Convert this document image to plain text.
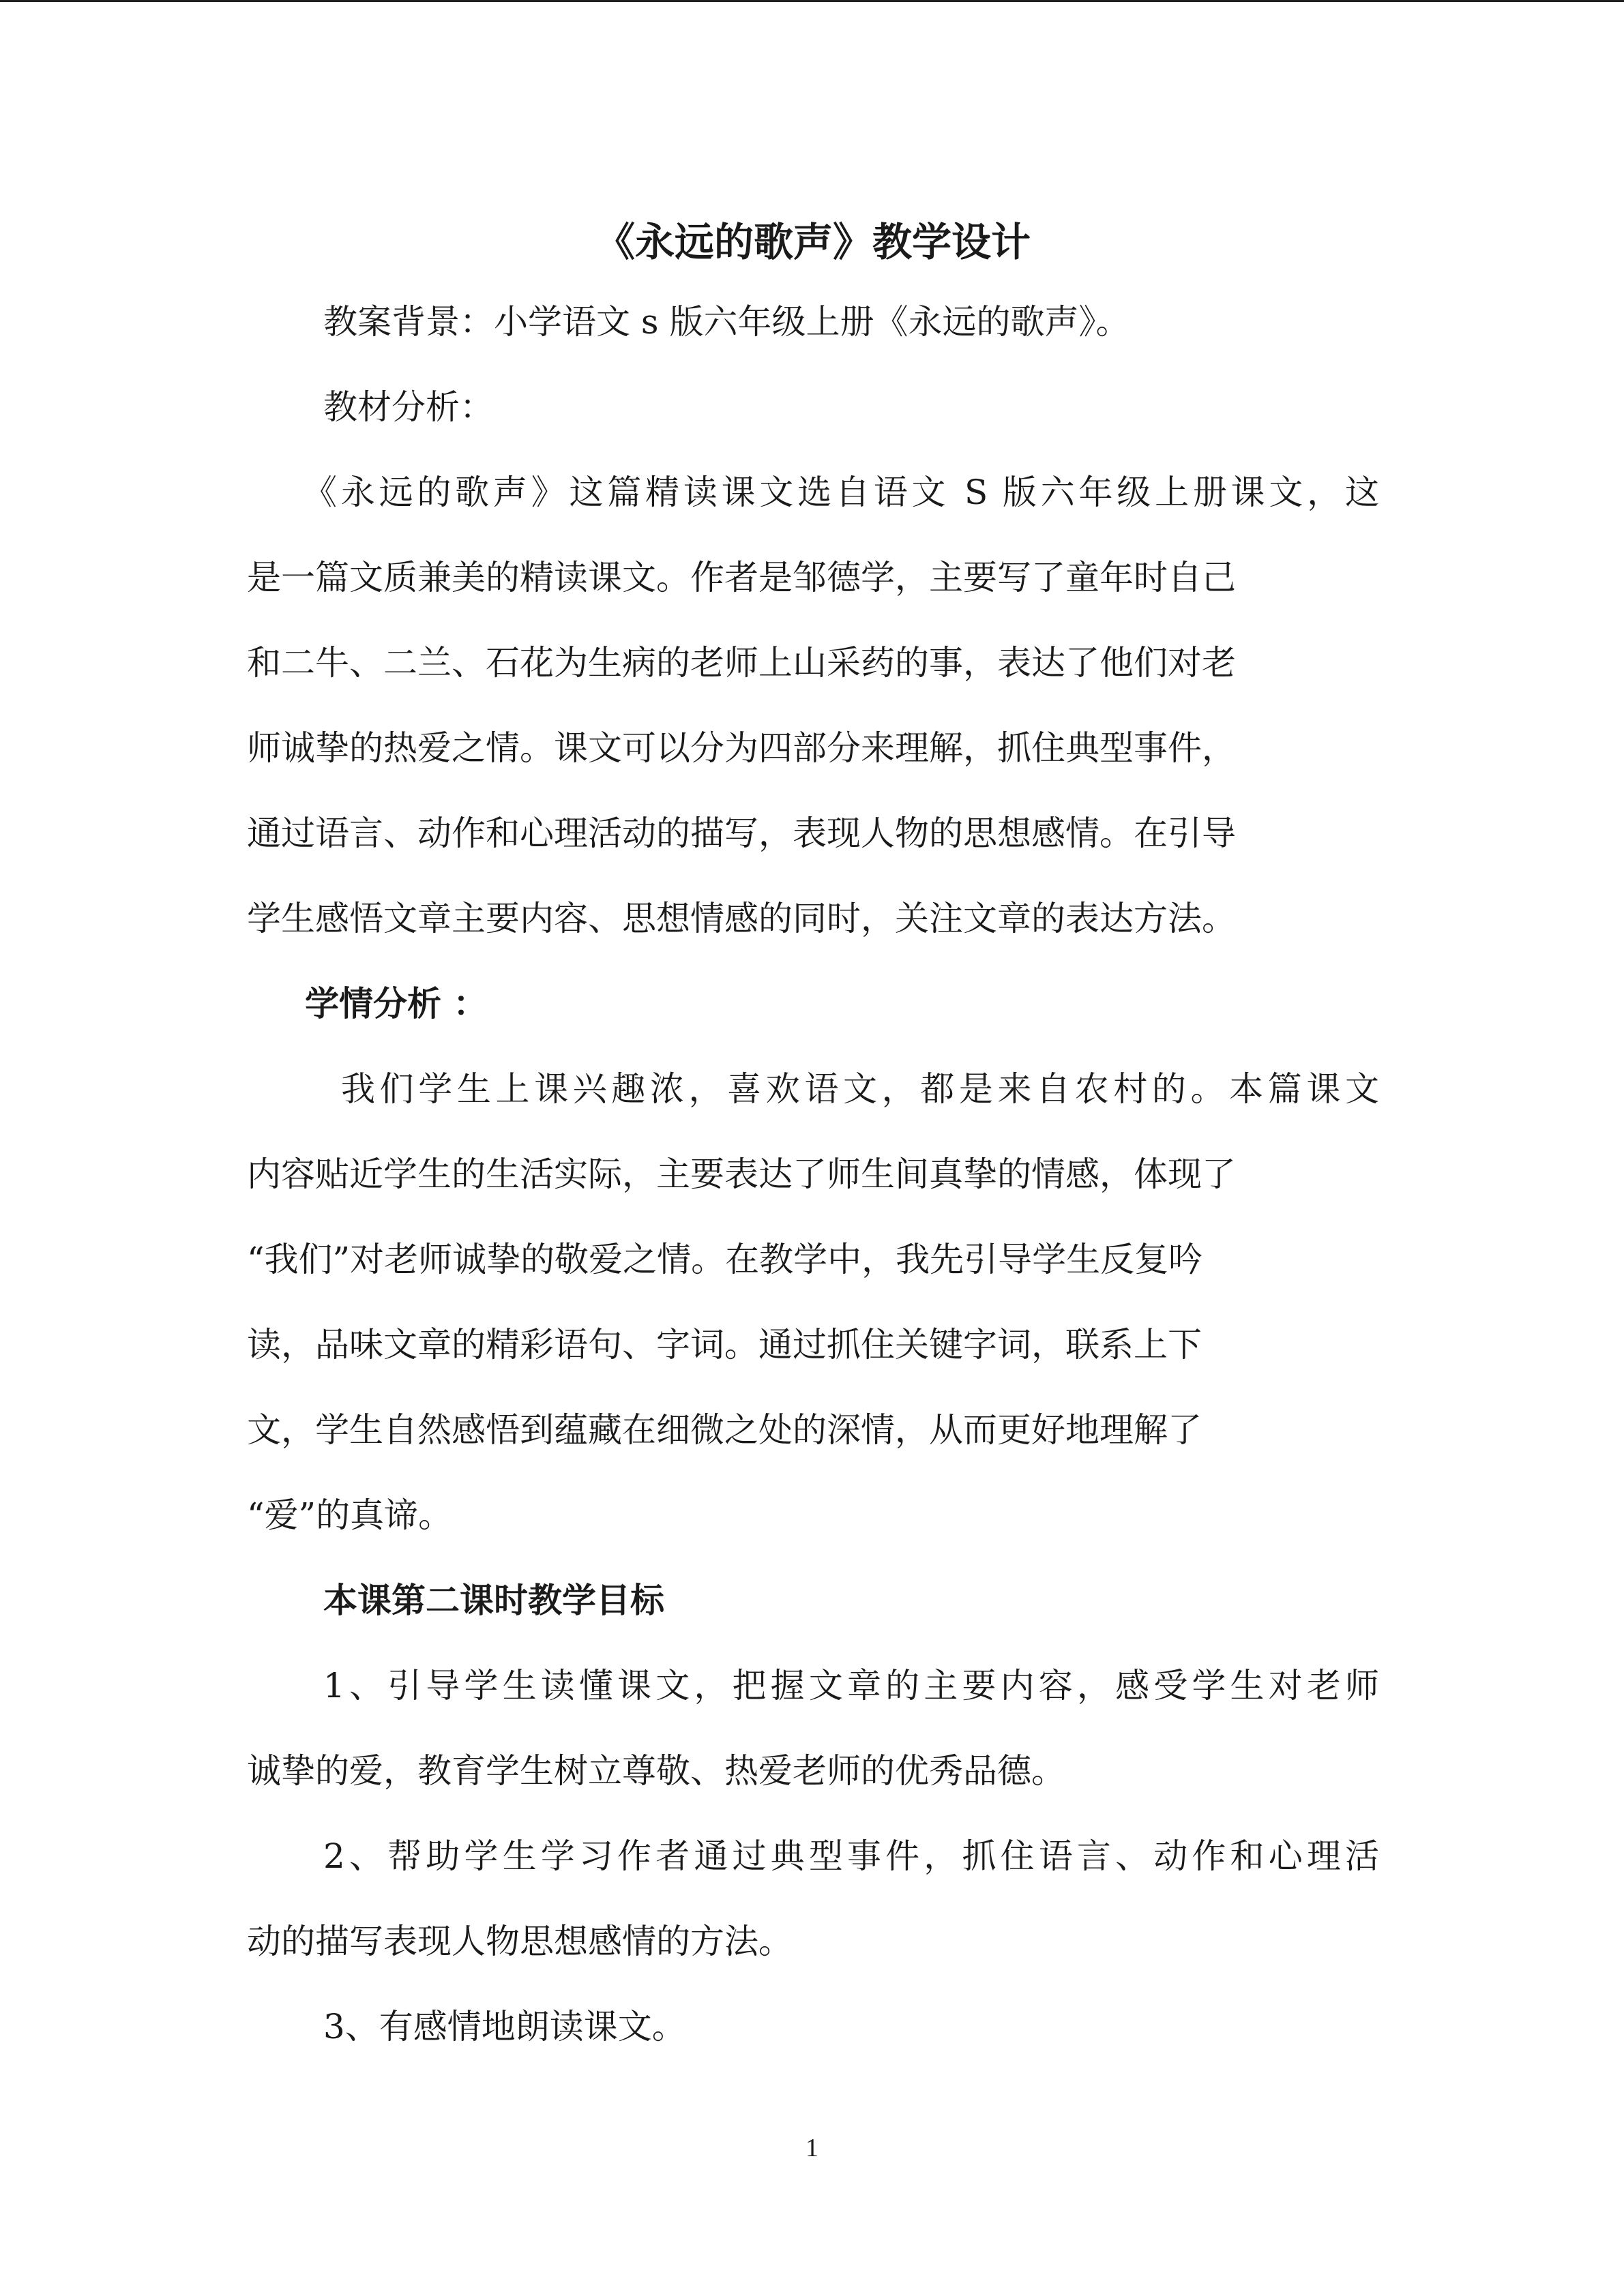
《永远的歌声》教学设计

教案背景：小学语文 s 版六年级上册《永远的歌声》。

教材分析：

《永远的歌声》这篇精读课文选自语文 S 版六年级上册课文，这

是一篇文质兼美的精读课文。作者是邹德学，主要写了童年时自己

和二牛、二兰、石花为生病的老师上山采药的事，表达了他们对老

师诚挚的热爱之情。课文可以分为四部分来理解，抓住典型事件，

通过语言、动作和心理活动的描写，表现人物的思想感情。在引导

学生感悟文章主要内容、思想情感的同时，关注文章的表达方法。

学情分析 ：

我们学生上课兴趣浓，喜欢语文，都是来自农村的。本篇课文

内容贴近学生的生活实际，主要表达了师生间真挚的情感，体现了

“我们”对老师诚挚的敬爱之情。在教学中，我先引导学生反复吟

读，品味文章的精彩语句、字词。通过抓住关键字词，联系上下

文，学生自然感悟到蕴藏在细微之处的深情，从而更好地理解了

“爱”的真谛。

本课第二课时教学目标

1、引导学生读懂课文，把握文章的主要内容，感受学生对老师

诚挚的爱，教育学生树立尊敬、热爱老师的优秀品德。

2、帮助学生学习作者通过典型事件，抓住语言、动作和心理活

动的描写表现人物思想感情的方法。

3、有感情地朗读课文。

1
